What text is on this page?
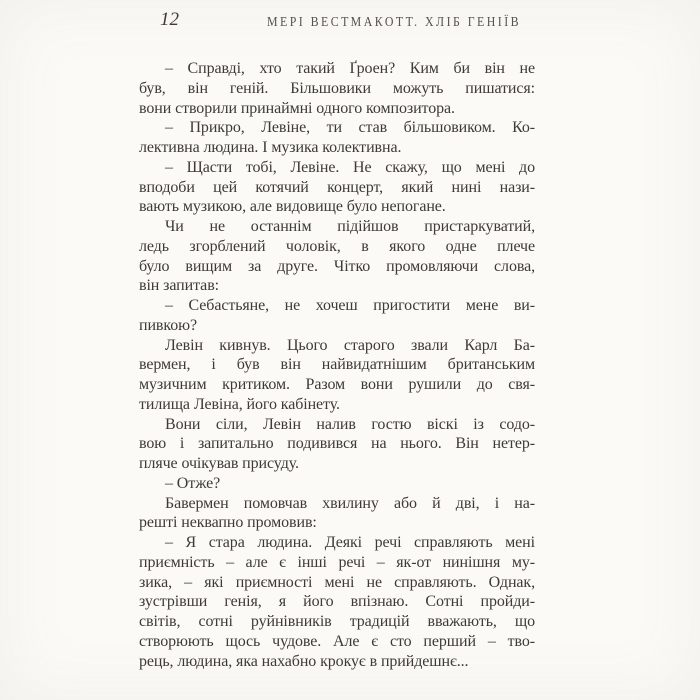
12	МЕРІ ВЕСТМАКОТТ. ХЛІБ ГЕНІЇВ
– Справді, хто такий Ґроен? Ким би він не
був, він геній. Більшовики можуть пишатися:
вони створили принаймні одного композитора.
– Прикро, Левіне, ти став більшовиком. Ко-
лективна людина. І музика колективна.
– Щасти тобі, Левіне. Не скажу, що мені до
вподоби цей котячий концерт, який нині нази-
вають музикою, але видовище було непогане.
Чи не останнім підійшов пристаркуватий,
ледь згорблений чоловік, в якого одне плече
було вищим за друге. Чітко промовляючи слова,
він запитав:
– Себастьяне, не хочеш пригостити мене ви-
пивкою?
Левін кивнув. Цього старого звали Карл Ба-
вермен, і був він найвидатнішим британським
музичним критиком. Разом вони рушили до свя-
тилища Левіна, його кабінету.
Вони сіли, Левін налив гостю віскі із содо-
вою і запитально подивився на нього. Він нетер-
пляче очікував присуду.
– Отже?
Бавермен помовчав хвилину або й дві, і на-
решті неквапно промовив:
– Я стара людина. Деякі речі справляють мені
приємність – але є інші речі – як-от нинішня му-
зика, – які приємності мені не справляють. Однак,
зустрівши генія, я його впізнаю. Сотні пройди-
світів, сотні руйнівників традицій вважають, що
створюють щось чудове. Але є сто перший – тво-
рець, людина, яка нахабно крокує в прийдешнє...
